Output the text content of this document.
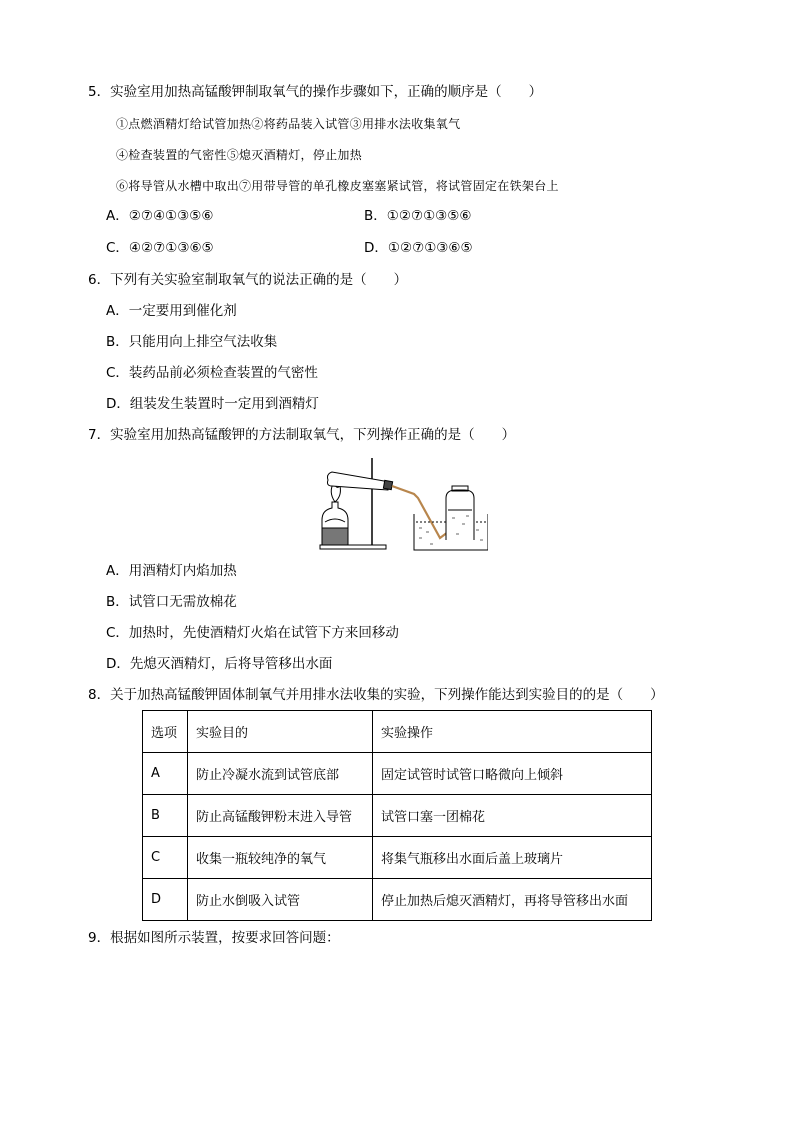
5．实验室用加热高锰酸钾制取氧气的操作步骤如下，正确的顺序是（　　）
①点燃酒精灯给试管加热②将药品装入试管③用排水法收集氧气
④检查装置的气密性⑤熄灭酒精灯，停止加热
⑥将导管从水槽中取出⑦用带导管的单孔橡皮塞塞紧试管，将试管固定在铁架台上
A．②⑦④①③⑤⑥	B．①②⑦①③⑤⑥
C．④②⑦①③⑥⑤	D．①②⑦①③⑥⑤
6．下列有关实验室制取氧气的说法正确的是（　　）
A．一定要用到催化剂
B．只能用向上排空气法收集
C．装药品前必须检查装置的气密性
D．组装发生装置时一定用到酒精灯
7．实验室用加热高锰酸钾的方法制取氧气，下列操作正确的是（　　）
A．用酒精灯内焰加热
B．试管口无需放棉花
C．加热时，先使酒精灯火焰在试管下方来回移动
D．先熄灭酒精灯，后将导管移出水面
8．关于加热高锰酸钾固体制氧气并用排水法收集的实验，下列操作能达到实验目的的是（　　）
选项	实验目的	实验操作
A	防止冷凝水流到试管底部	固定试管时试管口略微向上倾斜
B	防止高锰酸钾粉末进入导管	试管口塞一团棉花
C	收集一瓶较纯净的氧气	将集气瓶移出水面后盖上玻璃片
D	防止水倒吸入试管	停止加热后熄灭酒精灯，再将导管移出水面
9．根据如图所示装置，按要求回答问题：
